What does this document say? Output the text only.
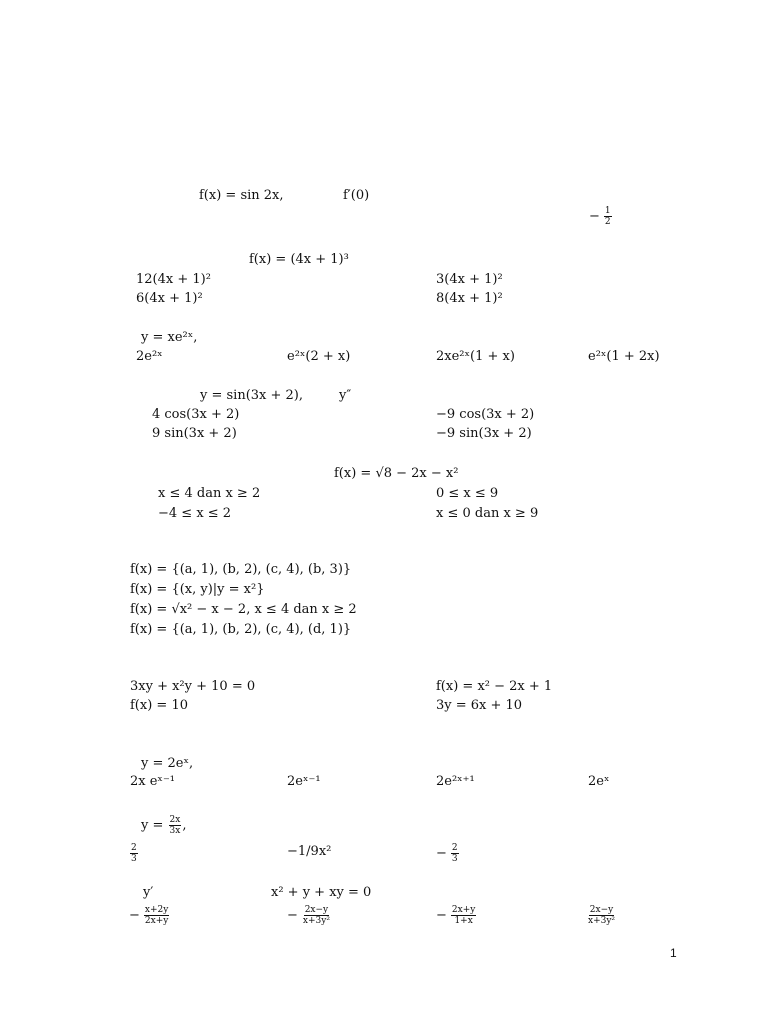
f(x) = sin 2x,	f′(0)
− $\frac{1}{2}$
f(x) = (4x + 1)³
12(4x + 1)²	3(4x + 1)²
6(4x + 1)²	8(4x + 1)²
y = xe²ˣ,
2e²ˣ	e²ˣ(2 + x)	2xe²ˣ(1 + x)	e²ˣ(1 + 2x)
y = sin(3x + 2),	y″
4 cos(3x + 2)	−9 cos(3x + 2)
9 sin(3x + 2)	−9 sin(3x + 2)
f(x) = √8 − 2x − x²
x ≤ 4 dan x ≥ 2	0 ≤ x ≤ 9
−4 ≤ x ≤ 2	x ≤ 0 dan x ≥ 9
f(x) = {(a, 1), (b, 2), (c, 4), (b, 3)}
f(x) = {(x, y)|y = x²}
f(x) = √x² − x − 2, x ≤ 4 dan x ≥ 2
f(x) = {(a, 1), (b, 2), (c, 4), (d, 1)}
3xy + x²y + 10 = 0	f(x) = x² − 2x + 1
f(x) = 10	3y = 6x + 10
y = 2eˣ,
2x eˣ⁻¹	2eˣ⁻¹	2e²ˣ⁺¹	2eˣ
$y = \frac{2x}{3x}$ ,
$\frac{2}{3}$	−1/9x²	− $\frac{2}{3}$
y′	x² + y + xy = 0
− $\frac{x+2y}{2x+y}$	− $\frac{2x-y}{\text{x+3y²}}$	− $\frac{2x+y}{1+x}$	$\frac{2x-y}{\text{x+3y²}}$
1
